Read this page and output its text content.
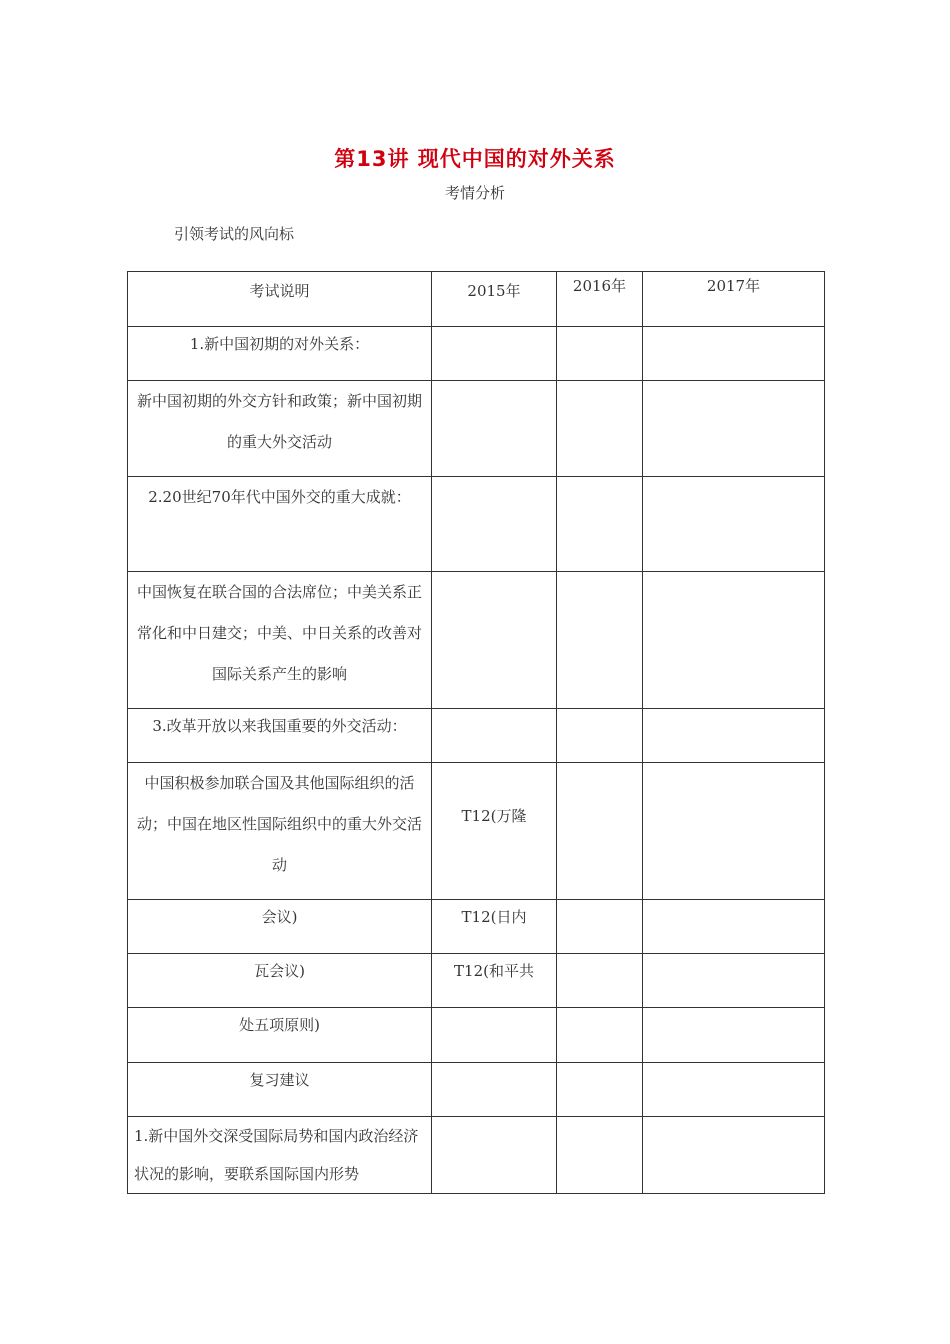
第13讲 现代中国的对外关系
考情分析
引领考试的风向标
考试说明	2015年	2016年	2017年
1.新中国初期的对外关系：			
新中国初期的外交方针和政策；新中国初期的重大外交活动			
2.20世纪70年代中国外交的重大成就：			
中国恢复在联合国的合法席位；中美关系正常化和中日建交；中美、中日关系的改善对国际关系产生的影响			
3.改革开放以来我国重要的外交活动：			
中国积极参加联合国及其他国际组织的活动；中国在地区性国际组织中的重大外交活动	T12(万隆		
会议)	T12(日内		
瓦会议)	T12(和平共		
处五项原则)			
复习建议			
1.新中国外交深受国际局势和国内政治经济状况的影响，要联系国际国内形势			
